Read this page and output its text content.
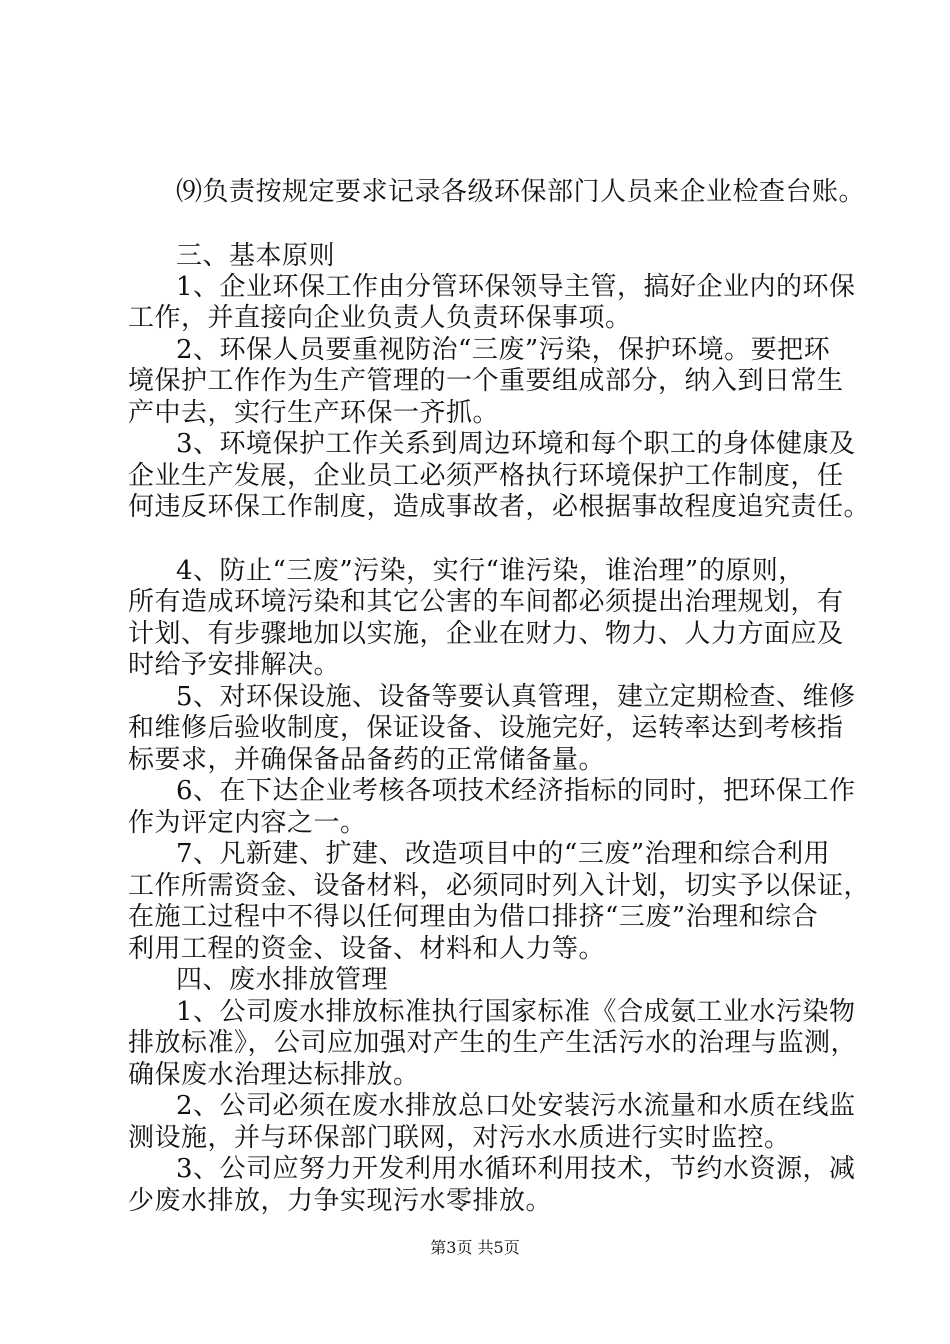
⑼负责按规定要求记录各级环保部门人员来企业检查台账。
三、基本原则
1、企业环保工作由分管环保领导主管，搞好企业内的环保
工作，并直接向企业负责人负责环保事项。
2、环保人员要重视防治“三废”污染，保护环境。要把环
境保护工作作为生产管理的一个重要组成部分，纳入到日常生
产中去，实行生产环保一齐抓。
3、环境保护工作关系到周边环境和每个职工的身体健康及
企业生产发展，企业员工必须严格执行环境保护工作制度，任
何违反环保工作制度，造成事故者，必根据事故程度追究责任。
4、防止“三废”污染，实行“谁污染，谁治理”的原则，
所有造成环境污染和其它公害的车间都必须提出治理规划，有
计划、有步骤地加以实施，企业在财力、物力、人力方面应及
时给予安排解决。
5、对环保设施、设备等要认真管理，建立定期检查、维修
和维修后验收制度，保证设备、设施完好，运转率达到考核指
标要求，并确保备品备药的正常储备量。
6、在下达企业考核各项技术经济指标的同时，把环保工作
作为评定内容之一。
7、凡新建、扩建、改造项目中的“三废”治理和综合利用
工作所需资金、设备材料，必须同时列入计划，切实予以保证，
在施工过程中不得以任何理由为借口排挤“三废”治理和综合
利用工程的资金、设备、材料和人力等。
四、废水排放管理
1、公司废水排放标准执行国家标准《合成氨工业水污染物
排放标准》，公司应加强对产生的生产生活污水的治理与监测，
确保废水治理达标排放。
2、公司必须在废水排放总口处安装污水流量和水质在线监
测设施，并与环保部门联网，对污水水质进行实时监控。
3、公司应努力开发利用水循环利用技术，节约水资源，减
少废水排放，力争实现污水零排放。
第3页 共5页
